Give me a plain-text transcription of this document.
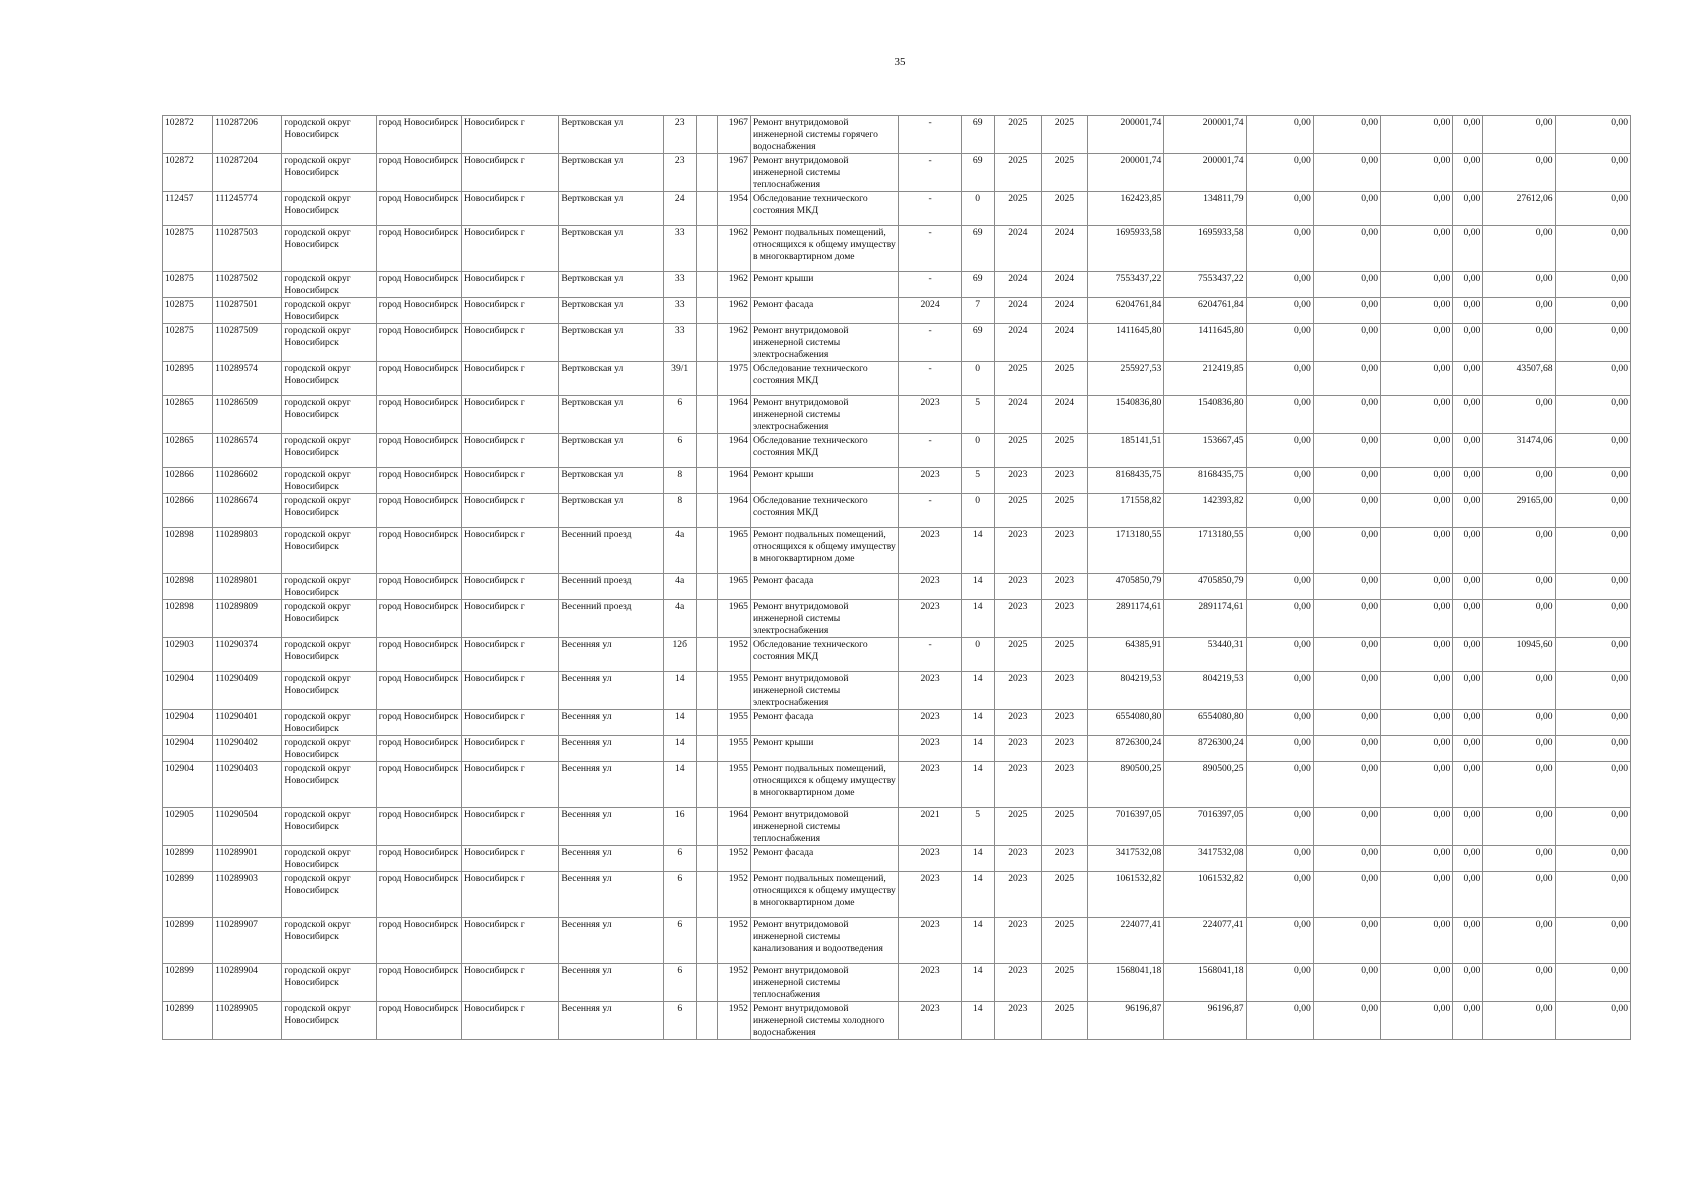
35
102872	110287206	городской округ Новосибирск	город Новосибирск	Новосибирск г	Вертковская ул	23		1967	Ремонт внутридомовой инженерной системы горячего водоснабжения	-	69	2025	2025	200001,74	200001,74	0,00	0,00	0,00	0,00	0,00	0,00
102872	110287204	городской округ Новосибирск	город Новосибирск	Новосибирск г	Вертковская ул	23		1967	Ремонт внутридомовой инженерной системы теплоснабжения	-	69	2025	2025	200001,74	200001,74	0,00	0,00	0,00	0,00	0,00	0,00
112457	111245774	городской округ Новосибирск	город Новосибирск	Новосибирск г	Вертковская ул	24		1954	Обследование технического состояния МКД	-	0	2025	2025	162423,85	134811,79	0,00	0,00	0,00	0,00	27612,06	0,00
102875	110287503	городской округ Новосибирск	город Новосибирск	Новосибирск г	Вертковская ул	33		1962	Ремонт подвальных помещений, относящихся к общему имуществу в многоквартирном доме	-	69	2024	2024	1695933,58	1695933,58	0,00	0,00	0,00	0,00	0,00	0,00
102875	110287502	городской округ Новосибирск	город Новосибирск	Новосибирск г	Вертковская ул	33		1962	Ремонт крыши	-	69	2024	2024	7553437,22	7553437,22	0,00	0,00	0,00	0,00	0,00	0,00
102875	110287501	городской округ Новосибирск	город Новосибирск	Новосибирск г	Вертковская ул	33		1962	Ремонт фасада	2024	7	2024	2024	6204761,84	6204761,84	0,00	0,00	0,00	0,00	0,00	0,00
102875	110287509	городской округ Новосибирск	город Новосибирск	Новосибирск г	Вертковская ул	33		1962	Ремонт внутридомовой инженерной системы электроснабжения	-	69	2024	2024	1411645,80	1411645,80	0,00	0,00	0,00	0,00	0,00	0,00
102895	110289574	городской округ Новосибирск	город Новосибирск	Новосибирск г	Вертковская ул	39/1		1975	Обследование технического состояния МКД	-	0	2025	2025	255927,53	212419,85	0,00	0,00	0,00	0,00	43507,68	0,00
102865	110286509	городской округ Новосибирск	город Новосибирск	Новосибирск г	Вертковская ул	6		1964	Ремонт внутридомовой инженерной системы электроснабжения	2023	5	2024	2024	1540836,80	1540836,80	0,00	0,00	0,00	0,00	0,00	0,00
102865	110286574	городской округ Новосибирск	город Новосибирск	Новосибирск г	Вертковская ул	6		1964	Обследование технического состояния МКД	-	0	2025	2025	185141,51	153667,45	0,00	0,00	0,00	0,00	31474,06	0,00
102866	110286602	городской округ Новосибирск	город Новосибирск	Новосибирск г	Вертковская ул	8		1964	Ремонт крыши	2023	5	2023	2023	8168435,75	8168435,75	0,00	0,00	0,00	0,00	0,00	0,00
102866	110286674	городской округ Новосибирск	город Новосибирск	Новосибирск г	Вертковская ул	8		1964	Обследование технического состояния МКД	-	0	2025	2025	171558,82	142393,82	0,00	0,00	0,00	0,00	29165,00	0,00
102898	110289803	городской округ Новосибирск	город Новосибирск	Новосибирск г	Весенний проезд	4а		1965	Ремонт подвальных помещений, относящихся к общему имуществу в многоквартирном доме	2023	14	2023	2023	1713180,55	1713180,55	0,00	0,00	0,00	0,00	0,00	0,00
102898	110289801	городской округ Новосибирск	город Новосибирск	Новосибирск г	Весенний проезд	4а		1965	Ремонт фасада	2023	14	2023	2023	4705850,79	4705850,79	0,00	0,00	0,00	0,00	0,00	0,00
102898	110289809	городской округ Новосибирск	город Новосибирск	Новосибирск г	Весенний проезд	4а		1965	Ремонт внутридомовой инженерной системы электроснабжения	2023	14	2023	2023	2891174,61	2891174,61	0,00	0,00	0,00	0,00	0,00	0,00
102903	110290374	городской округ Новосибирск	город Новосибирск	Новосибирск г	Весенняя ул	12б		1952	Обследование технического состояния МКД	-	0	2025	2025	64385,91	53440,31	0,00	0,00	0,00	0,00	10945,60	0,00
102904	110290409	городской округ Новосибирск	город Новосибирск	Новосибирск г	Весенняя ул	14		1955	Ремонт внутридомовой инженерной системы электроснабжения	2023	14	2023	2023	804219,53	804219,53	0,00	0,00	0,00	0,00	0,00	0,00
102904	110290401	городской округ Новосибирск	город Новосибирск	Новосибирск г	Весенняя ул	14		1955	Ремонт фасада	2023	14	2023	2023	6554080,80	6554080,80	0,00	0,00	0,00	0,00	0,00	0,00
102904	110290402	городской округ Новосибирск	город Новосибирск	Новосибирск г	Весенняя ул	14		1955	Ремонт крыши	2023	14	2023	2023	8726300,24	8726300,24	0,00	0,00	0,00	0,00	0,00	0,00
102904	110290403	городской округ Новосибирск	город Новосибирск	Новосибирск г	Весенняя ул	14		1955	Ремонт подвальных помещений, относящихся к общему имуществу в многоквартирном доме	2023	14	2023	2023	890500,25	890500,25	0,00	0,00	0,00	0,00	0,00	0,00
102905	110290504	городской округ Новосибирск	город Новосибирск	Новосибирск г	Весенняя ул	16		1964	Ремонт внутридомовой инженерной системы теплоснабжения	2021	5	2025	2025	7016397,05	7016397,05	0,00	0,00	0,00	0,00	0,00	0,00
102899	110289901	городской округ Новосибирск	город Новосибирск	Новосибирск г	Весенняя ул	6		1952	Ремонт фасада	2023	14	2023	2023	3417532,08	3417532,08	0,00	0,00	0,00	0,00	0,00	0,00
102899	110289903	городской округ Новосибирск	город Новосибирск	Новосибирск г	Весенняя ул	6		1952	Ремонт подвальных помещений, относящихся к общему имуществу в многоквартирном доме	2023	14	2023	2025	1061532,82	1061532,82	0,00	0,00	0,00	0,00	0,00	0,00
102899	110289907	городской округ Новосибирск	город Новосибирск	Новосибирск г	Весенняя ул	6		1952	Ремонт внутридомовой инженерной системы канализования и водоотведения	2023	14	2023	2025	224077,41	224077,41	0,00	0,00	0,00	0,00	0,00	0,00
102899	110289904	городской округ Новосибирск	город Новосибирск	Новосибирск г	Весенняя ул	6		1952	Ремонт внутридомовой инженерной системы теплоснабжения	2023	14	2023	2025	1568041,18	1568041,18	0,00	0,00	0,00	0,00	0,00	0,00
102899	110289905	городской округ Новосибирск	город Новосибирск	Новосибирск г	Весенняя ул	6		1952	Ремонт внутридомовой инженерной системы холодного водоснабжения	2023	14	2023	2025	96196,87	96196,87	0,00	0,00	0,00	0,00	0,00	0,00
